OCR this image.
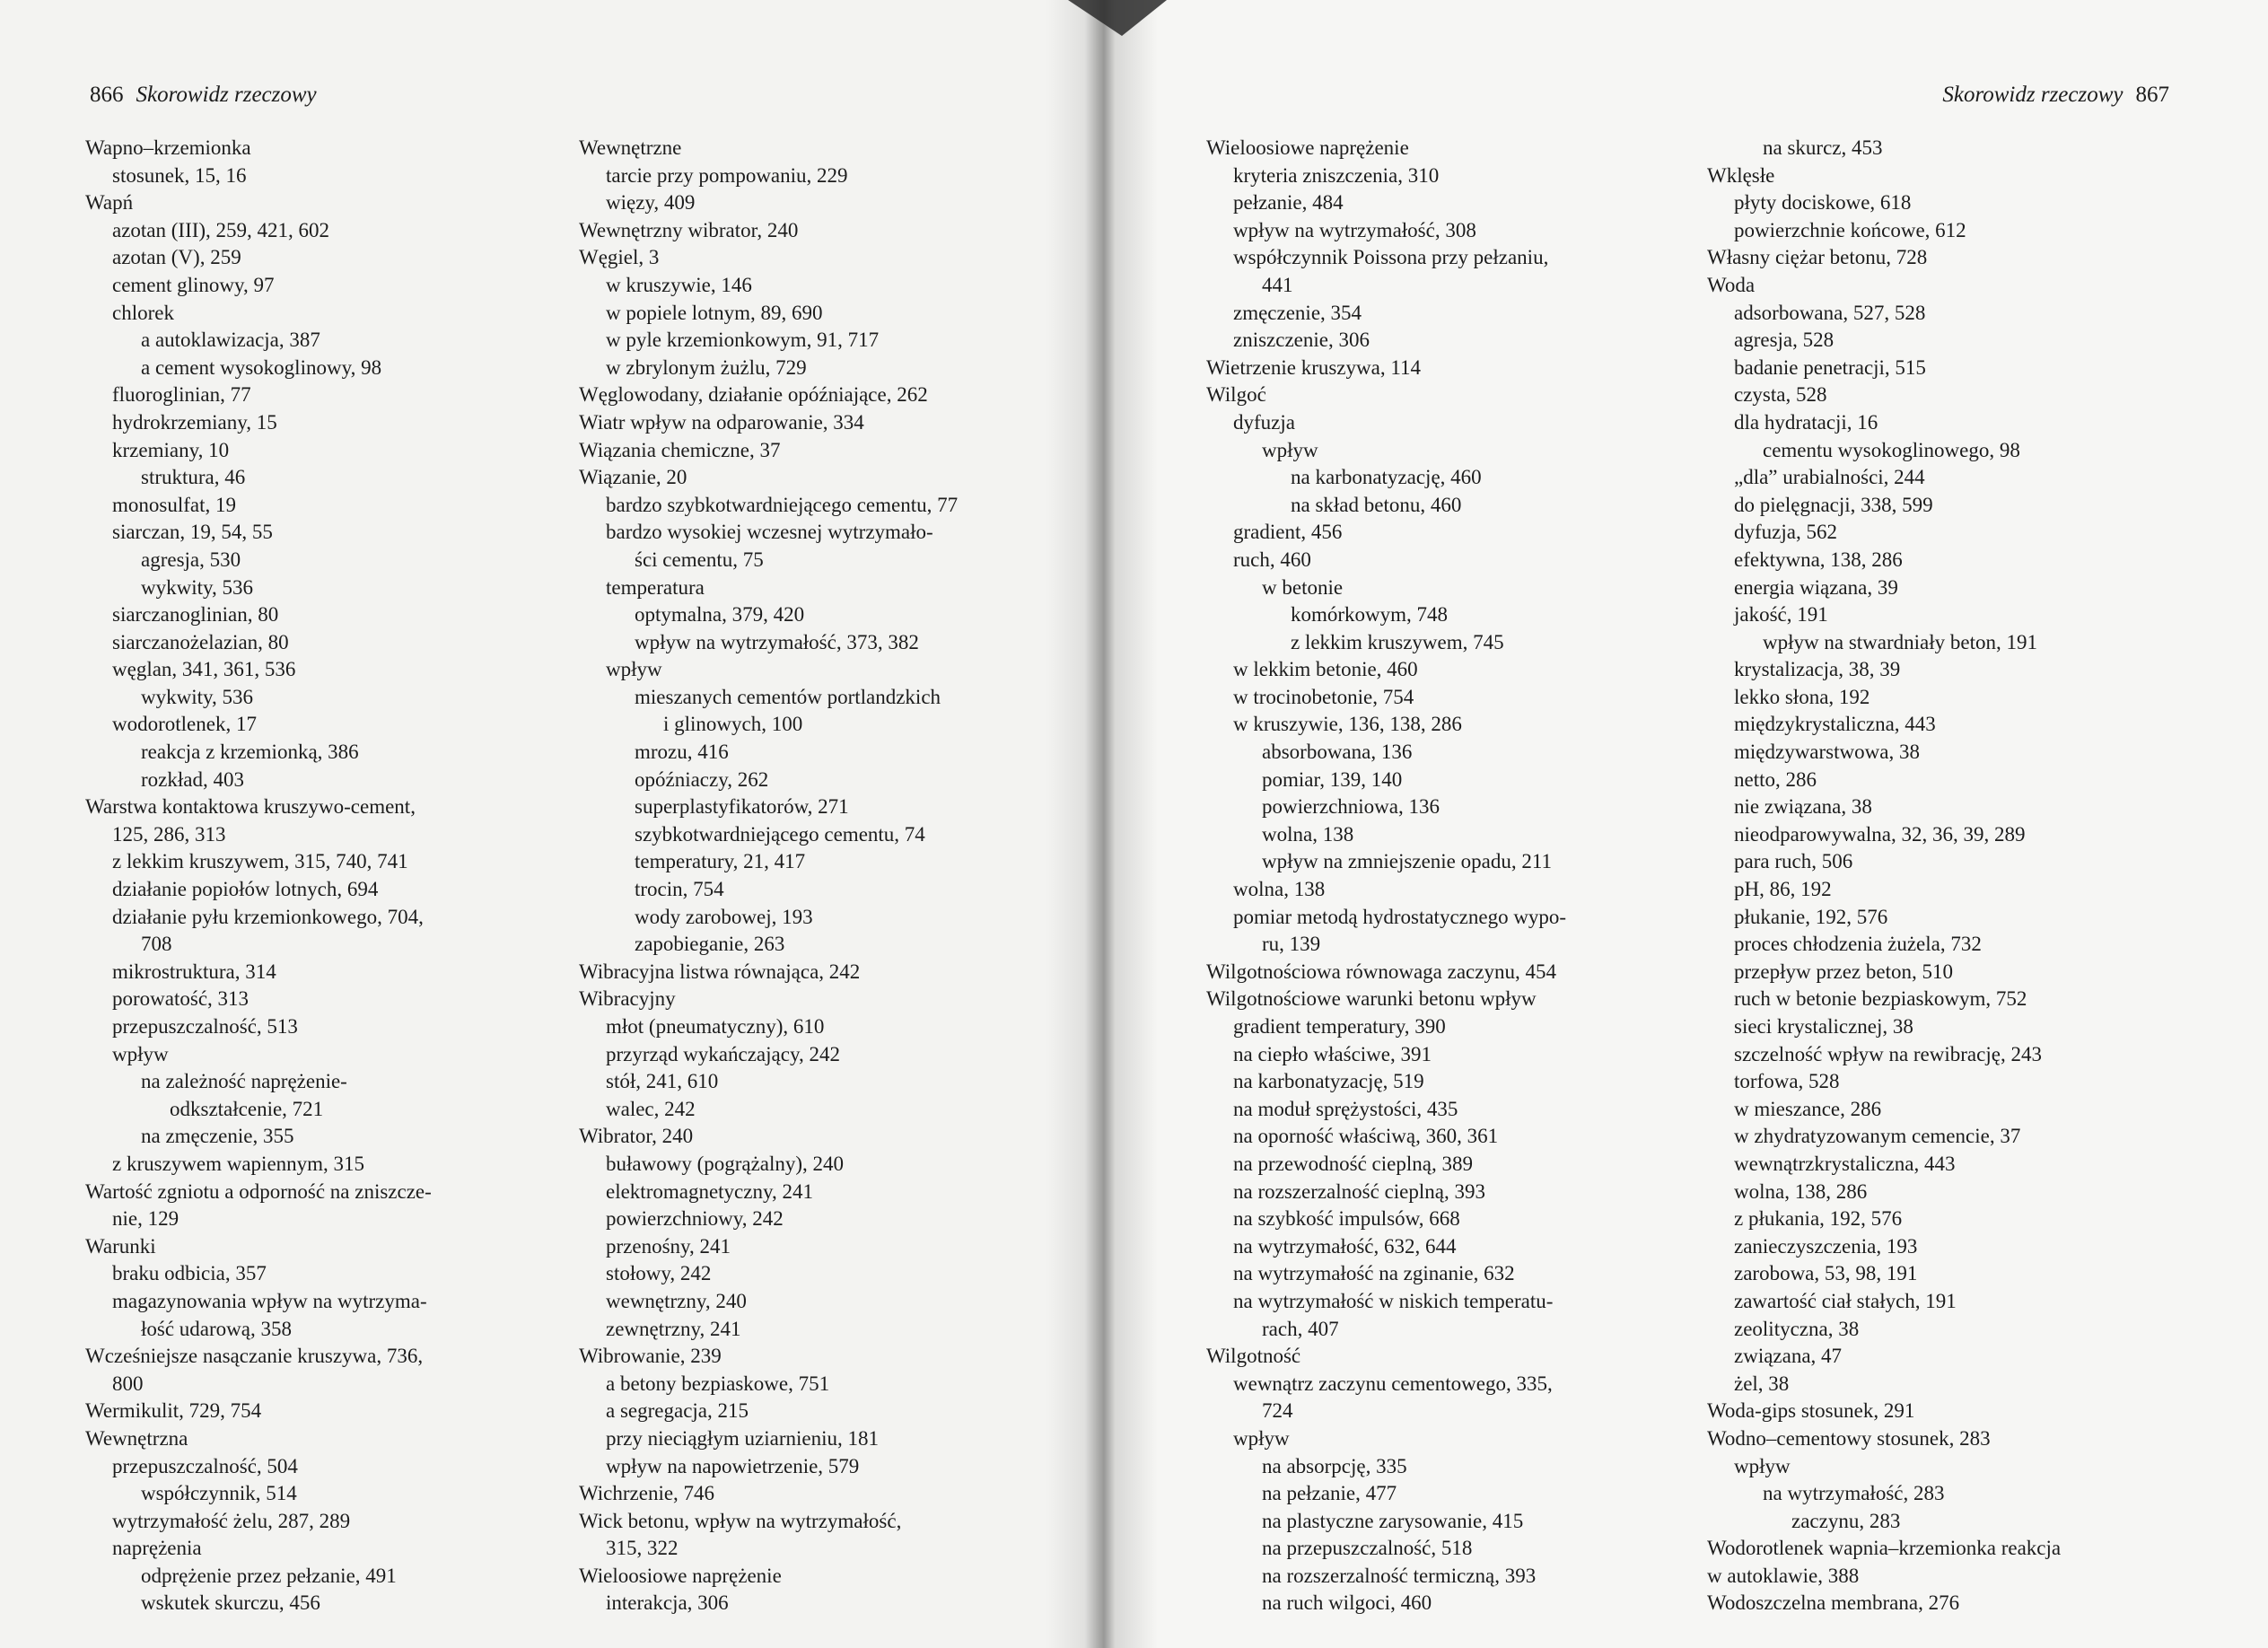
866 Skorowidz rzeczowy
Wapno–krzemionka
stosunek, 15, 16
Wapń
azotan (III), 259, 421, 602
azotan (V), 259
cement glinowy, 97
chlorek
a autoklawizacja, 387
a cement wysokoglinowy, 98
fluoroglinian, 77
hydrokrzemiany, 15
krzemiany, 10
struktura, 46
monosulfat, 19
siarczan, 19, 54, 55
agresja, 530
wykwity, 536
siarczanoglinian, 80
siarczanożelazian, 80
węglan, 341, 361, 536
wykwity, 536
wodorotlenek, 17
reakcja z krzemionką, 386
rozkład, 403
Warstwa kontaktowa kruszywo-cement,
125, 286, 313
z lekkim kruszywem, 315, 740, 741
działanie popiołów lotnych, 694
działanie pyłu krzemionkowego, 704,
708
mikrostruktura, 314
porowatość, 313
przepuszczalność, 513
wpływ
na zależność naprężenie-
odkształcenie, 721
na zmęczenie, 355
z kruszywem wapiennym, 315
Wartość zgniotu a odporność na zniszcze-
nie, 129
Warunki
braku odbicia, 357
magazynowania wpływ na wytrzyma-
łość udarową, 358
Wcześniejsze nasączanie kruszywa, 736,
800
Wermikulit, 729, 754
Wewnętrzna
przepuszczalność, 504
współczynnik, 514
wytrzymałość żelu, 287, 289
naprężenia
odprężenie przez pełzanie, 491
wskutek skurczu, 456
Wewnętrzne
tarcie przy pompowaniu, 229
więzy, 409
Wewnętrzny wibrator, 240
Węgiel, 3
w kruszywie, 146
w popiele lotnym, 89, 690
w pyle krzemionkowym, 91, 717
w zbrylonym żużlu, 729
Węglowodany, działanie opóźniające, 262
Wiatr wpływ na odparowanie, 334
Wiązania chemiczne, 37
Wiązanie, 20
bardzo szybkotwardniejącego cementu, 77
bardzo wysokiej wczesnej wytrzymało-
ści cementu, 75
temperatura
optymalna, 379, 420
wpływ na wytrzymałość, 373, 382
wpływ
mieszanych cementów portlandzkich
i glinowych, 100
mrozu, 416
opóźniaczy, 262
superplastyfikatorów, 271
szybkotwardniejącego cementu, 74
temperatury, 21, 417
trocin, 754
wody zarobowej, 193
zapobieganie, 263
Wibracyjna listwa równająca, 242
Wibracyjny
młot (pneumatyczny), 610
przyrząd wykańczający, 242
stół, 241, 610
walec, 242
Wibrator, 240
buławowy (pogrążalny), 240
elektromagnetyczny, 241
powierzchniowy, 242
przenośny, 241
stołowy, 242
wewnętrzny, 240
zewnętrzny, 241
Wibrowanie, 239
a betony bezpiaskowe, 751
a segregacja, 215
przy nieciągłym uziarnieniu, 181
wpływ na napowietrzenie, 579
Wichrzenie, 746
Wick betonu, wpływ na wytrzymałość,
315, 322
Wieloosiowe naprężenie
interakcja, 306
Skorowidz rzeczowy 867
Wieloosiowe naprężenie
kryteria zniszczenia, 310
pełzanie, 484
wpływ na wytrzymałość, 308
współczynnik Poissona przy pełzaniu,
441
zmęczenie, 354
zniszczenie, 306
Wietrzenie kruszywa, 114
Wilgoć
dyfuzja
wpływ
na karbonatyzację, 460
na skład betonu, 460
gradient, 456
ruch, 460
w betonie
komórkowym, 748
z lekkim kruszywem, 745
w lekkim betonie, 460
w trocinobetonie, 754
w kruszywie, 136, 138, 286
absorbowana, 136
pomiar, 139, 140
powierzchniowa, 136
wolna, 138
wpływ na zmniejszenie opadu, 211
wolna, 138
pomiar metodą hydrostatycznego wypo-
ru, 139
Wilgotnościowa równowaga zaczynu, 454
Wilgotnościowe warunki betonu wpływ
gradient temperatury, 390
na ciepło właściwe, 391
na karbonatyzację, 519
na moduł sprężystości, 435
na oporność właściwą, 360, 361
na przewodność cieplną, 389
na rozszerzalność cieplną, 393
na szybkość impulsów, 668
na wytrzymałość, 632, 644
na wytrzymałość na zginanie, 632
na wytrzymałość w niskich temperatu-
rach, 407
Wilgotność
wewnątrz zaczynu cementowego, 335,
724
wpływ
na absorpcję, 335
na pełzanie, 477
na plastyczne zarysowanie, 415
na przepuszczalność, 518
na rozszerzalność termiczną, 393
na ruch wilgoci, 460
na skurcz, 453
Wklęsłe
płyty dociskowe, 618
powierzchnie końcowe, 612
Własny ciężar betonu, 728
Woda
adsorbowana, 527, 528
agresja, 528
badanie penetracji, 515
czysta, 528
dla hydratacji, 16
cementu wysokoglinowego, 98
„dla” urabialności, 244
do pielęgnacji, 338, 599
dyfuzja, 562
efektywna, 138, 286
energia wiązana, 39
jakość, 191
wpływ na stwardniały beton, 191
krystalizacja, 38, 39
lekko słona, 192
międzykrystaliczna, 443
międzywarstwowa, 38
netto, 286
nie związana, 38
nieodparowywalna, 32, 36, 39, 289
para ruch, 506
pH, 86, 192
płukanie, 192, 576
proces chłodzenia żużela, 732
przepływ przez beton, 510
ruch w betonie bezpiaskowym, 752
sieci krystalicznej, 38
szczelność wpływ na rewibrację, 243
torfowa, 528
w mieszance, 286
w zhydratyzowanym cemencie, 37
wewnątrzkrystaliczna, 443
wolna, 138, 286
z płukania, 192, 576
zanieczyszczenia, 193
zarobowa, 53, 98, 191
zawartość ciał stałych, 191
zeolityczna, 38
związana, 47
żel, 38
Woda-gips stosunek, 291
Wodno–cementowy stosunek, 283
wpływ
na wytrzymałość, 283
zaczynu, 283
Wodorotlenek wapnia–krzemionka reakcja
w autoklawie, 388
Wodoszczelna membrana, 276
